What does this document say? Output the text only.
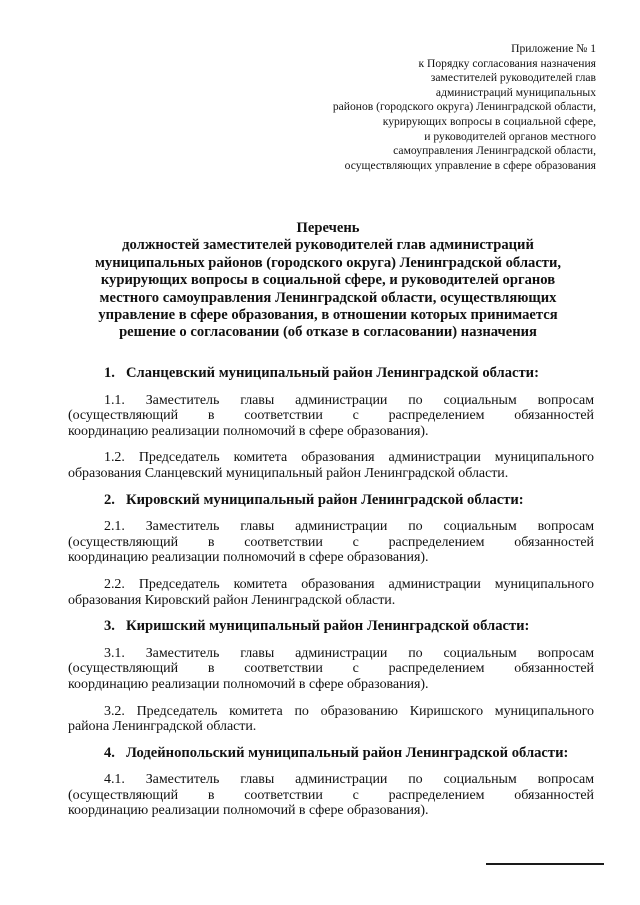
Приложение № 1
к Порядку согласования назначения
заместителей руководителей глав
администраций муниципальных
районов (городского округа) Ленинградской области,
курирующих вопросы в социальной сфере,
и руководителей органов местного
самоуправления Ленинградской области,
осуществляющих управление в сфере образования
Перечень
должностей заместителей руководителей глав администраций
муниципальных районов (городского округа) Ленинградской области,
курирующих вопросы в социальной сфере, и руководителей органов
местного самоуправления Ленинградской области, осуществляющих
управление в сфере образования, в отношении которых принимается
решение о согласовании (об отказе в согласовании) назначения
1. Сланцевский муниципальный район Ленинградской области:
1.1. Заместитель главы администрации по социальным вопросам
(осуществляющий в соответствии с распределением обязанностей
координацию реализации полномочий в сфере образования).
1.2. Председатель комитета образования администрации муниципального
образования Сланцевский муниципальный район Ленинградской области.
2. Кировский муниципальный район Ленинградской области:
2.1. Заместитель главы администрации по социальным вопросам
(осуществляющий в соответствии с распределением обязанностей
координацию реализации полномочий в сфере образования).
2.2. Председатель комитета образования администрации муниципального
образования Кировский район Ленинградской области.
3. Киришский муниципальный район Ленинградской области:
3.1. Заместитель главы администрации по социальным вопросам
(осуществляющий в соответствии с распределением обязанностей
координацию реализации полномочий в сфере образования).
3.2. Председатель комитета по образованию Киришского муниципального
района Ленинградской области.
4. Лодейнопольский муниципальный район Ленинградской области:
4.1. Заместитель главы администрации по социальным вопросам
(осуществляющий в соответствии с распределением обязанностей
координацию реализации полномочий в сфере образования).
